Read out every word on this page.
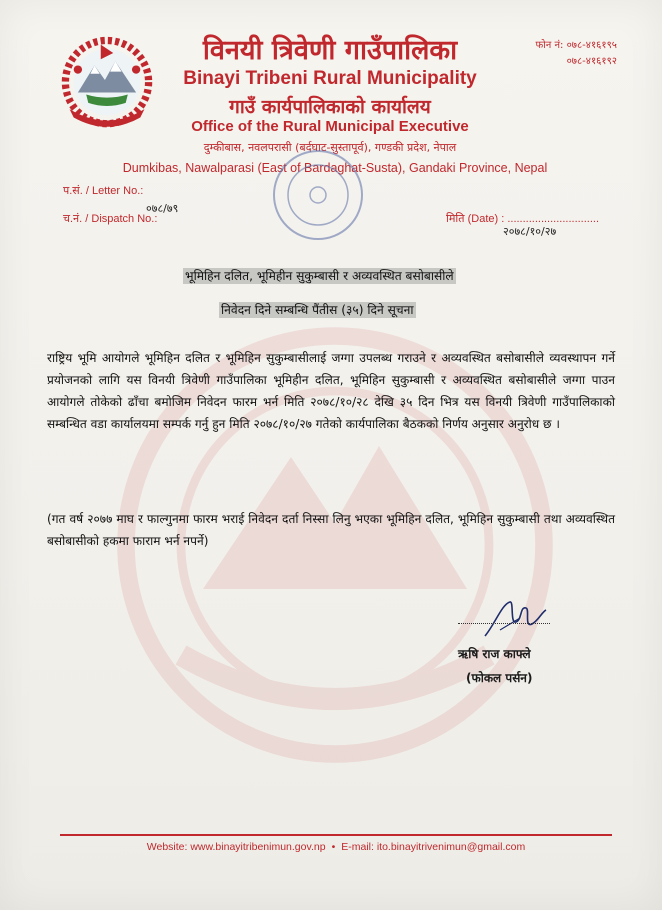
विनयी त्रिवेणी गाउँपालिका
Binayi Tribeni Rural Municipality
गाउँ कार्यपालिकाको कार्यालय
Office of the Rural Municipal Executive
दुम्कीबास, नवलपरासी (बर्दघाट-सुस्तापूर्व), गण्डकी प्रदेश, नेपाल
Dumkibas, Nawalparasi (East of Bardaghat-Susta), Gandaki Province, Nepal
फोन नं: ०७८-४१६१९५
०७८-४१६१९२
प.सं. / Letter No.:
च.नं. / Dispatch No.:
०७८/७९
मिति (Date) : ..............................
२०७८/१०/२७
भूमिहिन दलित, भूमिहीन सुकुम्बासी र अव्यवस्थित बसोबासीले
निवेदन दिने सम्बन्धि पैंतीस (३५) दिने सूचना
राष्ट्रिय भूमि आयोगले भूमिहिन दलित र भूमिहिन सुकुम्बासीलाई जग्गा उपलब्ध गराउने र अव्यवस्थित बसोबासीले व्यवस्थापन गर्ने प्रयोजनको लागि यस विनयी त्रिवेणी गाउँपालिका भूमिहीन दलित, भूमिहिन सुकुम्बासी र अव्यवस्थित बसोबासीले जग्गा पाउन आयोगले तोकेको ढाँचा बमोजिम निवेदन फारम भर्न मिति २०७८/१०/२८ देखि ३५ दिन भित्र यस विनयी त्रिवेणी गाउँपालिकाको सम्बन्धित वडा कार्यालयमा सम्पर्क गर्नु हुन मिति २०७८/१०/२७ गतेको कार्यपालिका बैठकको निर्णय अनुसार अनुरोध छ ।
(गत वर्ष २०७७ माघ र फाल्गुनमा फारम भराई निवेदन दर्ता निस्सा लिनु भएका भूमिहिन दलित, भूमिहिन सुकुम्बासी तथा अव्यवस्थित बसोबासीको हकमा फाराम भर्न नपर्ने)
ऋषि राज काफ्ले
(फोकल पर्सन)
Website: www.binayitribenimun.gov.np • E-mail: ito.binayitrivenimun@gmail.com
